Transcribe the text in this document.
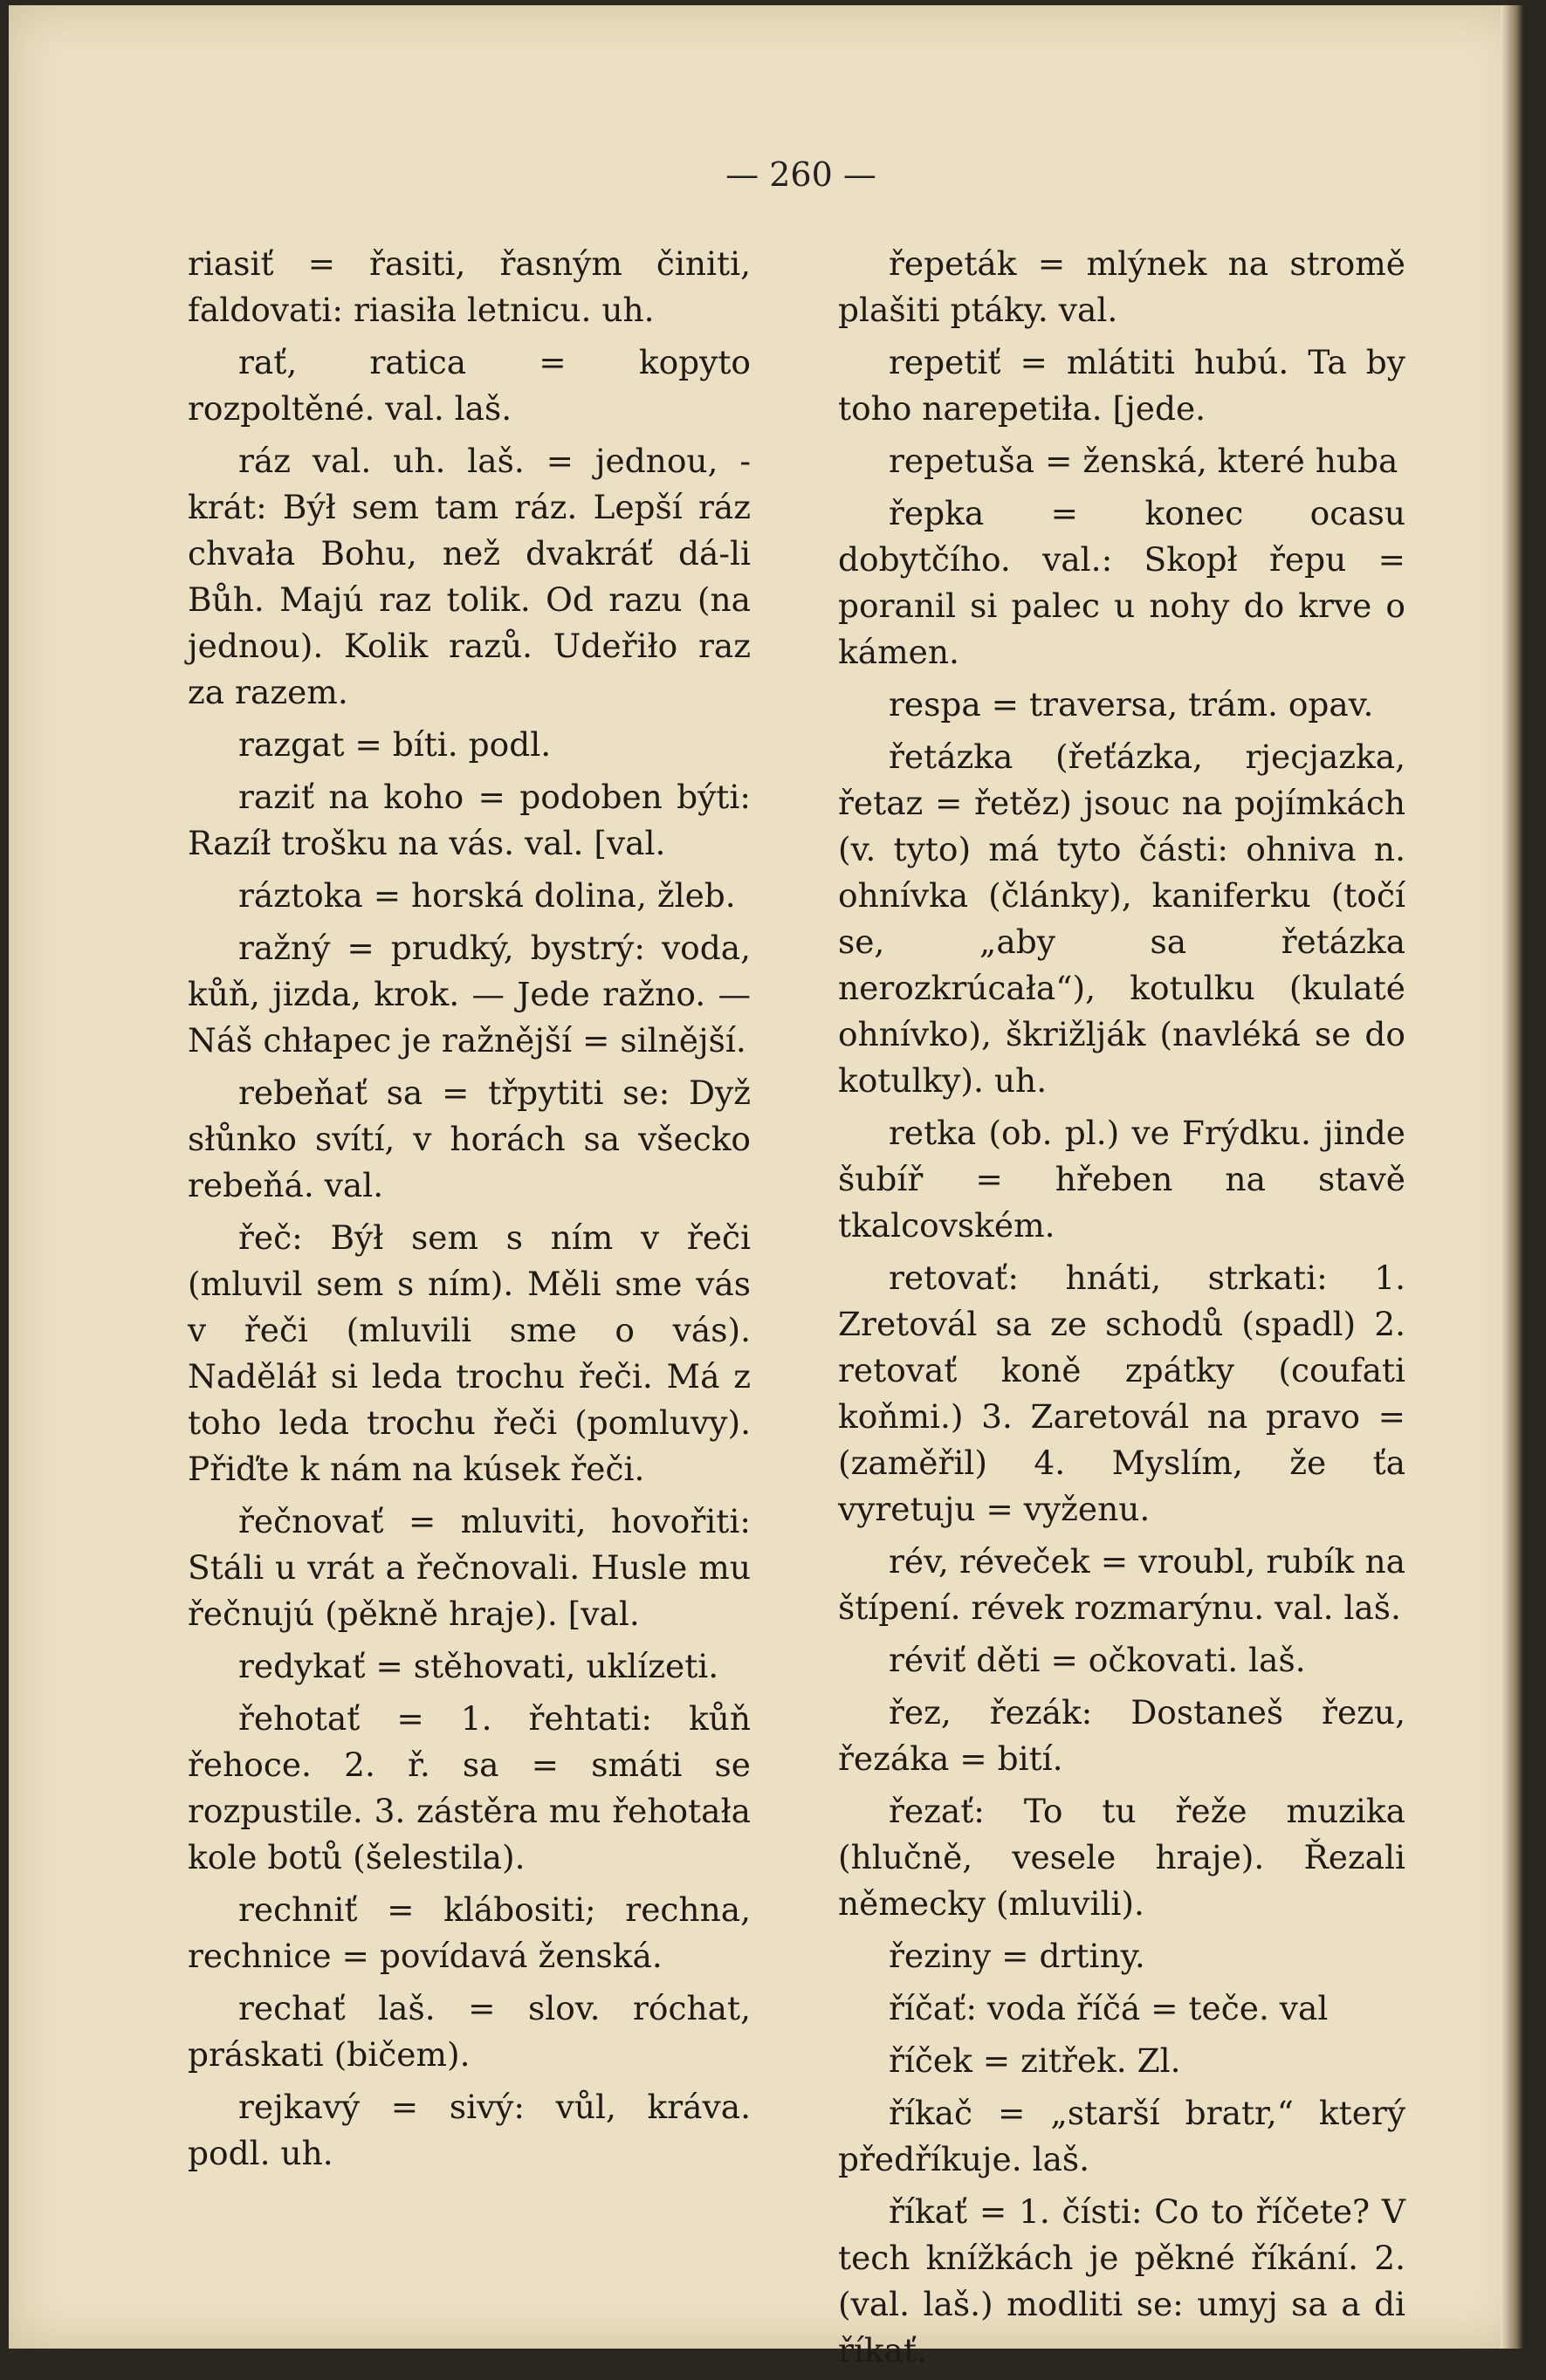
— 260 —

riasiť = řasiti, řasným činiti, faldovati: riasiła letnicu. uh.

rať, ratica = kopyto rozpoltěné. val. laš.

ráz val. uh. laš. = jednou, -krát: Býł sem tam ráz. Lepší ráz chvała Bohu, než dvakráť dá-li Bůh. Majú raz tolik. Od razu (na jednou). Kolik razů. Udeřiło raz za razem.

razgat = bíti. podl.

raziť na koho = podoben býti: Razíł trošku na vás. val. [val.

ráztoka = horská dolina, žleb.

ražný = prudký, bystrý: voda, kůň, jizda, krok. — Jede ražno. — Náš chłapec je ražnější = silnější.

rebeňať sa = třpytiti se: Dyž słůnko svítí, v horách sa všecko rebeňá. val.

řeč: Býł sem s ním v řeči (mluvil sem s ním). Měli sme vás v řeči (mluvili sme o vás). Naděláł si leda trochu řeči. Má z toho leda trochu řeči (pomluvy). Přiďte k nám na kúsek řeči.

řečnovať = mluviti, hovořiti: Stáli u vrát a řečnovali. Husle mu řečnujú (pěkně hraje). [val.

redykať = stěhovati, uklízeti.

řehotať = 1. řehtati: kůň řehoce. 2. ř. sa = smáti se rozpustile. 3. zástěra mu řehotała kole botů (šelestila).

rechniť = klábositi; rechna, rechnice = povídavá ženská.

rechať laš. = slov. róchat, práskati (bičem).

rejkavý = sivý: vůl, kráva. podl. uh.

řepeták = mlýnek na stromě plašiti ptáky. val.

repetiť = mlátiti hubú. Ta by toho narepetiła. [jede.

repetuša = ženská, které huba

řepka = konec ocasu dobytčího. val.: Skopł řepu = poranil si palec u nohy do krve o kámen.

respa = traversa, trám. opav.

řetázka (řeťázka, rjecjazka, řetaz = řetěz) jsouc na pojímkách (v. tyto) má tyto části: ohniva n. ohnívka (články), kaniferku (točí se, „aby sa řetázka nerozkrúcała“), kotulku (kulaté ohnívko), škrižlják (navléká se do kotulky). uh.

retka (ob. pl.) ve Frýdku. jinde šubíř = hřeben na stavě tkalcovském.

retovať: hnáti, strkati: 1. Zretovál sa ze schodů (spadl) 2. retovať koně zpátky (coufati koňmi.) 3. Zaretovál na pravo = (zaměřil) 4. Myslím, že ťa vyretuju = vyženu.

rév, réveček = vroubl, rubík na štípení. révek rozmarýnu. val. laš.

réviť děti = očkovati. laš.

řez, řezák: Dostaneš řezu, řezáka = bití.

řezať: To tu řeže muzika (hlučně, vesele hraje). Řezali německy (mluvili).

řeziny = drtiny.

říčať: voda říčá = teče. val

říček = zitřek. Zl.

říkač = „starší bratr,“ který předříkuje. laš.

říkať = 1. čísti: Co to říčete? V tech knížkách je pěkné říkání. 2. (val. laš.) modliti se: umyj sa a di říkať.
